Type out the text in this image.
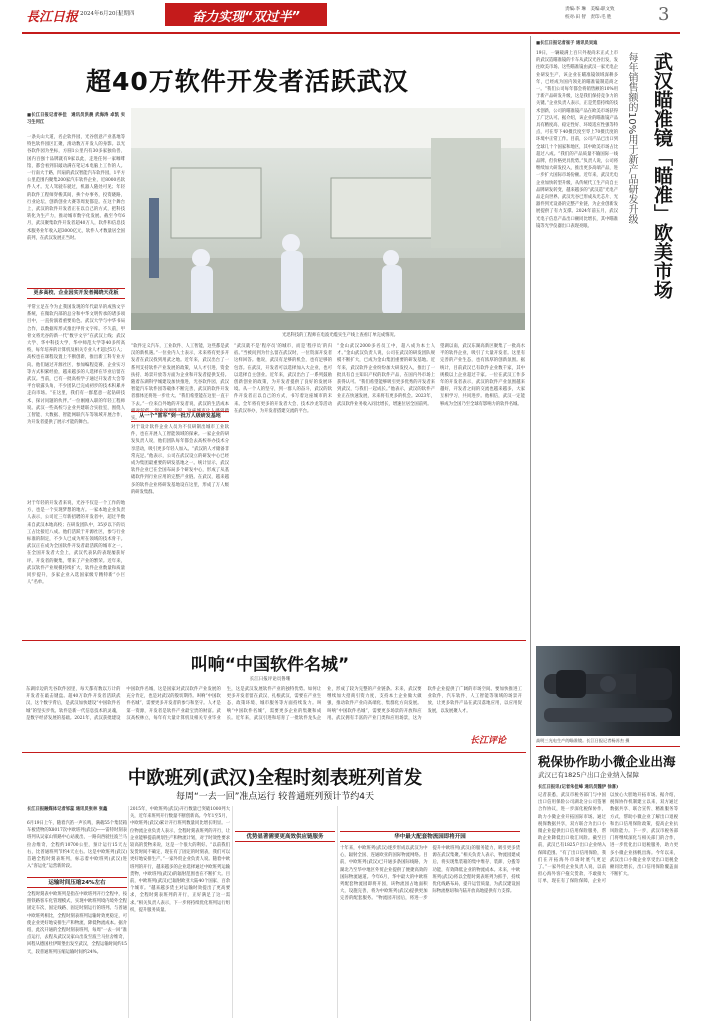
長江日报 2024年6月20日
星期四	奋力实现“双过半”
责编:李 琳　美编:职文致
校对:田 智　责印:毛 胜	3
超40万软件开发者活跃武汉
■长江日报记者李佳　通讯员洪晨 武海涛 卓凯 实习生何江
一条关山大道，名企软件园，光谷创意产业基地等特色软件园区汇聚，滑动数万开发人的身影。以光谷软件园为坐标，方圆1公里内有30多家独角兽、国内百强十品牌就有9家以此，走进任何一家咖啡馆，都会看到旧敲动满在笔记本电脑上工作的人。一行南大于路，凹扇的武汉智能汽车软件园，1平方公里范围内聚集200家汽车软件企业，近8000名软件人才。无人驾驶车驶过，机器人随处可见；年轻的软件工程师穿梭其间，挨个办事务，投资晓路，行业论坛、创新创业大赛等周复都是。在这个舞台上，武汉的软件开发者正在以自己的方式，把科技转化为生产力，推动城市数字化发展。截至今年6月，武汉聚集软件开发者超40万人，软件和信息技术服务业年收入超3000亿元，软件人才数量居全国前列，在武汉发展正当时。
更多高校、企业因实开发者揭晓天花板
平常立足在今为止我国发现的年代最早的成熟文字系统，在微软内部的总分和中华文明传承的诸多项目中，一直扮演着重要角色。武汉大学与中华书局合作，以数据库形式推出甲骨文字库。不久前，甲骨文将光谷的新一代“数字文字”在武汉上线；武汉大学、华中科技大学、华中师范大学等40多所高校，每年培养的计算机及相关专业人才超过5万人；高校也在课程设置上不断创新，推出新工科专业方向。他们通过开源社区、参加编程竞赛、企业实习等方式积累经验，越来越多的人选择在毕业后留在武汉。当前，已有一批高校学子通过开发者大会等平台崭露头角，不少团队已完成初步的技术积累并走向市场。“在这里，我们有一群愿意一起钻研技术、探讨问题的伙伴。”一位刚刚入职的年轻工程师说。武汉一些高校与企业共建联合实验室，围绕人工智能、大数据、智能网联汽车等领域开展合作，为开发者提供了展示才能的舞台。
对于年轻的开发者来说，光谷不仅是一个工作的地方，也是一个实现梦想的地方。一家本地企业负责人表示，公司近三年新招聘的开发者中，超过半数来自武汉本地高校；在研发团队中，35岁以下的员工占比接近八成。他们活跃于开源社区，参与行业标准的制定，不少人已成为所在领域的技术骨干。武汉正在成为全国软件开发者最活跃的城市之一。在全国开发者大会上，武汉代表队的表现屡获好评。开发者的聚集，带来了产业的繁荣。近年来，武汉软件产业规模持续扩大，软件企业数量和质量同步提升，多家企业入选国家级专精特新“小巨人”名单。
光迅科技的工程师在电波光缆实生产线上查看订单完成情况。
“软件定义汽车，工业软件、人工智能，这些都是武汉的新机遇。”一位业内人士表示，未来将有更多开发者在武汉找到用武之地。近年来，武汉出台了一系列支持软件产业发展的政策，从人才引进、资金扶持、场景开放等方面为企业和开发者提供支持。随着东湖科学城建设加快推进，光谷软件园、武汉智能汽车软件园等载体不断完善，武汉的软件开发者群体还将进一步壮大。“我们希望能在这里一直干下去。”一位来自外地的开发者说，武汉的生活成本相对较低，创业氛围浓厚，这座城市让人感到踏实。 从一个“雷军”到一批万人级研发基地
对于设计软件企业人员为不仅研制出城市工业软件，也在开展人工智能领域的探索。一家企业的研发负责人说，他们团队每年都会去高校举办技术分享活动，吸引更多年轻人加入。“武汉的人才储备非常充足。”他表示，公司在武汉设立的研发中心已经成为集团最重要的研发基地之一。统计显示，武汉软件企业已在全国布局多个研发中心，形成了从基础软件到行业应用的完整产业链。在武汉，越来越多的软件企业将研发基地设在这里，形成了万人级的研发集群。
“武汉就不是‘程序员’的城市，而是‘程序员’的归宿。”当被问到为什么留在武汉时，一位资深开发者这样回答。他说，武汉有足够的机会，也有足够的包容。在武汉，开发者可以选择加入大企业，也可以选择自主创业。近年来，武汉出台了一系列鼓励创新创业的政策，为开发者提供了良好的发展环境。从一个人的坚守，到一群人的奋斗，武汉的软件开发者正以自己的方式，书写着这座城市的未来。全年将有更多的开发者大会、技术沙龙等活动在武汉举办，为开发者搭建交流的平台。
“金山武汉2000多名员工中，超八成为本土人才。”金山武汉负责人说，公司在武汉的研发团队规模不断扩大，已成为金山集团重要的研发基地。近年来，武汉软件企业纷纷加大研发投入，推出了一批具有自主知识产权的软件产品，在国内外市场上获得认可。“我们希望能够吸引更多优秀的开发者来到武汉，与我们一起成长。”他表示，武汉的软件产业正在快速发展，未来将有更多的机会。2023年，武汉软件业务收入同比增长，增速位居全国前列。
望湖以南，武汉东湖高新区聚集了一批高水平的软件企业，吸引了大量开发者。这里有完善的产业生态，也有浓厚的创新氛围。据统计，目前武汉已有软件企业数千家，其中规模以上企业超过千家。一位在武汉工作多年的开发者表示，武汉的软件产业氛围越来越好，开发者之间的交流也越来越多，大家互相学习、共同进步。他相信，武汉一定能够成为全国乃至全球有影响力的软件名城。
叫响“中国软件名城”
长江日报评论员鲁珊
东湖岸边的光谷软件园里，每天都有数以万计的开发者在敲击键盘。超40万软件开发者活跃武汉，这个数字背后，是武汉加快建设“中国软件名城”的坚实步伐。软件是新一代信息技术的灵魂，是数字经济发展的基础。2021年，武汉获批建设中国软件名城，这是国家对武汉软件产业发展的充分肯定，也是对武汉的殷切期待。叫响“中国软件名城”，需要更多开发者的参与和坚守。人才是第一资源，开发者是软件产业最宝贵的财富。武汉高校林立，每年有大量计算机及相关专业毕业生，这是武汉发展软件产业的独特优势。如何让更多开发者留在武汉、扎根武汉，需要在产业生态、政策环境、城市服务等方面持续发力。叫响“中国软件名城”，需要更多企业的集聚和成长。近年来，武汉引进和培育了一批软件龙头企业，形成了较为完整的产业链条。未来，武汉要继续加大招商引资力度，支持本土企业做大做强，推动软件产业向高端化、集群化方向发展。叫响“中国软件名城”，需要更多场景的开放和应用。武汉拥有丰富的产业门类和应用场景，这为软件企业提供了广阔的市场空间。要加快推进工业软件、汽车软件、人工智能等领域的场景开放，让更多软件产品在武汉落地应用，以应用促发展，以发展聚人才。
长江评论
中欧班列(武汉)全程时刻表班列首发
每周“一去一回”准点运行 较普通班列预计节约4天
长江日报融媒体记者邹蕊 通讯员张林 张鑫
6月19日上午，随着汽笛一声长鸣，满载55个集装箱车板货物的X8017次中欧班列(武汉)——雷特时刻表班列从吴家山铁路中心站驶出，一路向西驶往波兰马拉舍维奇，全程约10700公里，预计运行15天左右，比普通班列节约4天左右。这是中欧班列(武汉)首趟全程时刻表班列，标志着中欧班列(武汉)进入“客运化”运营新阶段。
运输时间压缩24%左右
全程时刻表中欧班列是指在中欧班列开行全程中，按照铁路客车化管理模式，实现中欧班列境内境外全程固定车次、固定线路、固定时刻运行的班列。与普通中欧班列相比，全程时刻表班列运输时效更稳定，可使企业更好地安排生产和物流，降低物流成本。据介绍，此次开通的全程时刻表班列，每周“一去一回”准点运行，去程从武汉吴家山出发至波兰马拉舍维奇，回程从德国杜伊斯堡出发至武汉，全程运输时间约15天，较普通班列压缩运输时间约24%。
优势显著需要更高效供应链服务
2015年，中欧班列(武汉)开行数量已突破1000列大关，近年来班列开行数量不断创新高。今年1至5月，中欧班列(武汉)累计开行班列数量同比增长明显。一位物流企业负责人表示，全程时刻表班列的开行，让企业能够提前规划生产和物流计划，对于时效性要求较高的货物来说，这是一个很大的利好。“以前我们发货时间不确定，现在有了固定的时刻表，我们可以更好地安排生产。”一家外贸企业负责人说。随着中欧班列的开行，越来越多的企业选择通过中欧班列运输货物，中欧班列(武汉)的辐射范围也在不断扩大。目前，中欧班列(武汉)已辐射欧亚大陆40个国家、百余个城市。“越来越多货主对运输时效提出了更高要求，全程时刻表班列的开行，正好满足了这一需求。”相关负责人表示，下一步将持续优化班列运行组织，提升服务质量。
华中最大配套物流园即将开园
十年来，中欧班列(武汉)逐步形成以武汉为中心，辐射全国、连通欧亚的国际物流网络。目前，中欧班列(武汉)已开通多条国际线路，为湖北乃至华中地区外贸企业提供了便捷高效的国际物流通道。今年6月，华中最大的中欧班列配套物流园即将开园，该物流园占地面积大，设施完善，将为中欧班列(武汉)提供更加完善的配套服务。“物流园开园后，将进一步提升中欧班列(武汉)的服务能力，吸引更多货源在武汉集聚。”相关负责人表示，物流园建成后，将实现集装箱的集中堆存、装卸、分拨等功能，有效降低企业的物流成本。未来，中欧班列(武汉)将以全程时刻表班列为抓手，持续优化线路布局，提升运营质量，为武汉建设国际物流枢纽和内陆开放高地提供有力支撑。
■长江日报记者崔子 通讯员吴迪
19日，一辆载满上百只外观尚未正式上市的武汉造瞄准镜的卡车从武汉光谷出发，发往欧美市场。这些瞄准镜由武汉一家光电企业研发生产，该企业在瞄准镜领域深耕多年，已经成为国内领先的瞄准镜制造商之一。“我们公司每年都会将销售额的10%用于新产品研发升级，这是我们保持竞争力的关键。”企业负责人表示，正是凭借持续的技术创新，公司的瞄准镜产品在欧美市场获得了广泛认可。据介绍，该企业的瞄准镜产品具有精度高、稳定性好、环境适应性强等特点，可在零下40摄氏度至零上70摄氏度的环境中正常工作。目前，公司产品已出口到全球几十个国家和地区，其中欧美市场占比超过八成。“我们的产品质量不输国际一线品牌，但价格更具优势。”负责人说，公司将继续加大研发投入，推出更多高端产品，进一步扩大国际市场份额。近年来，武汉光电企业加快转型升级，从传统代工生产向自主品牌研发转变，越来越多的“武汉造”光电产品走向世界。武汉光谷已形成从光芯片、光器件到光设备的完整产业链，为企业创新发展提供了有力支撑。2024年前五月，武汉光电子信息产品出口额同比增长，其中瞄准镜等光学仪器出口表现亮眼。	武汉瞄准镜「瞄准」欧美市场
每年销售额的10%用于新产品研发升级
高明三光电生产的瞄准镜。长江日报记者杨苏杰 摄
税保协作助小微企业出海
武汉已有1825户出口企业纳入保障
长江日报讯(记者朱佳峰 通讯员魏伊 徐喜)
记者获悉，武汉市税务部门与中国出口信用保险公司湖北分公司签署合作协议，进一步深化税保协作，助力小微企业开拓国际市场。通过税保数据共享，双方联合为出口小微企业提供出口信用保险服务，帮助企业降低出口收汇风险。截至目前，武汉已有1825户出口企业纳入保障范围。“有了出口信用保险，我们在开拓海外市场时底气更足了。”一家外贸企业负责人说，以前担心海外客户拖欠货款，不敢接大订单，现在有了保险保障，企业可以放心大胆地开拓市场。据介绍，税保协作机制建立以来，双方通过数据共享、联合宣传、精准服务等方式，帮助小微企业了解出口退税和出口信用保险政策，提高企业抗风险能力。下一步，武汉市税务部门将继续深化与相关部门的合作，进一步优化出口退税服务，助力更多小微企业扬帆出海。今年以来，武汉出口小微企业享受出口退税金额同比增长，出口信用保险覆盖面不断扩大。
